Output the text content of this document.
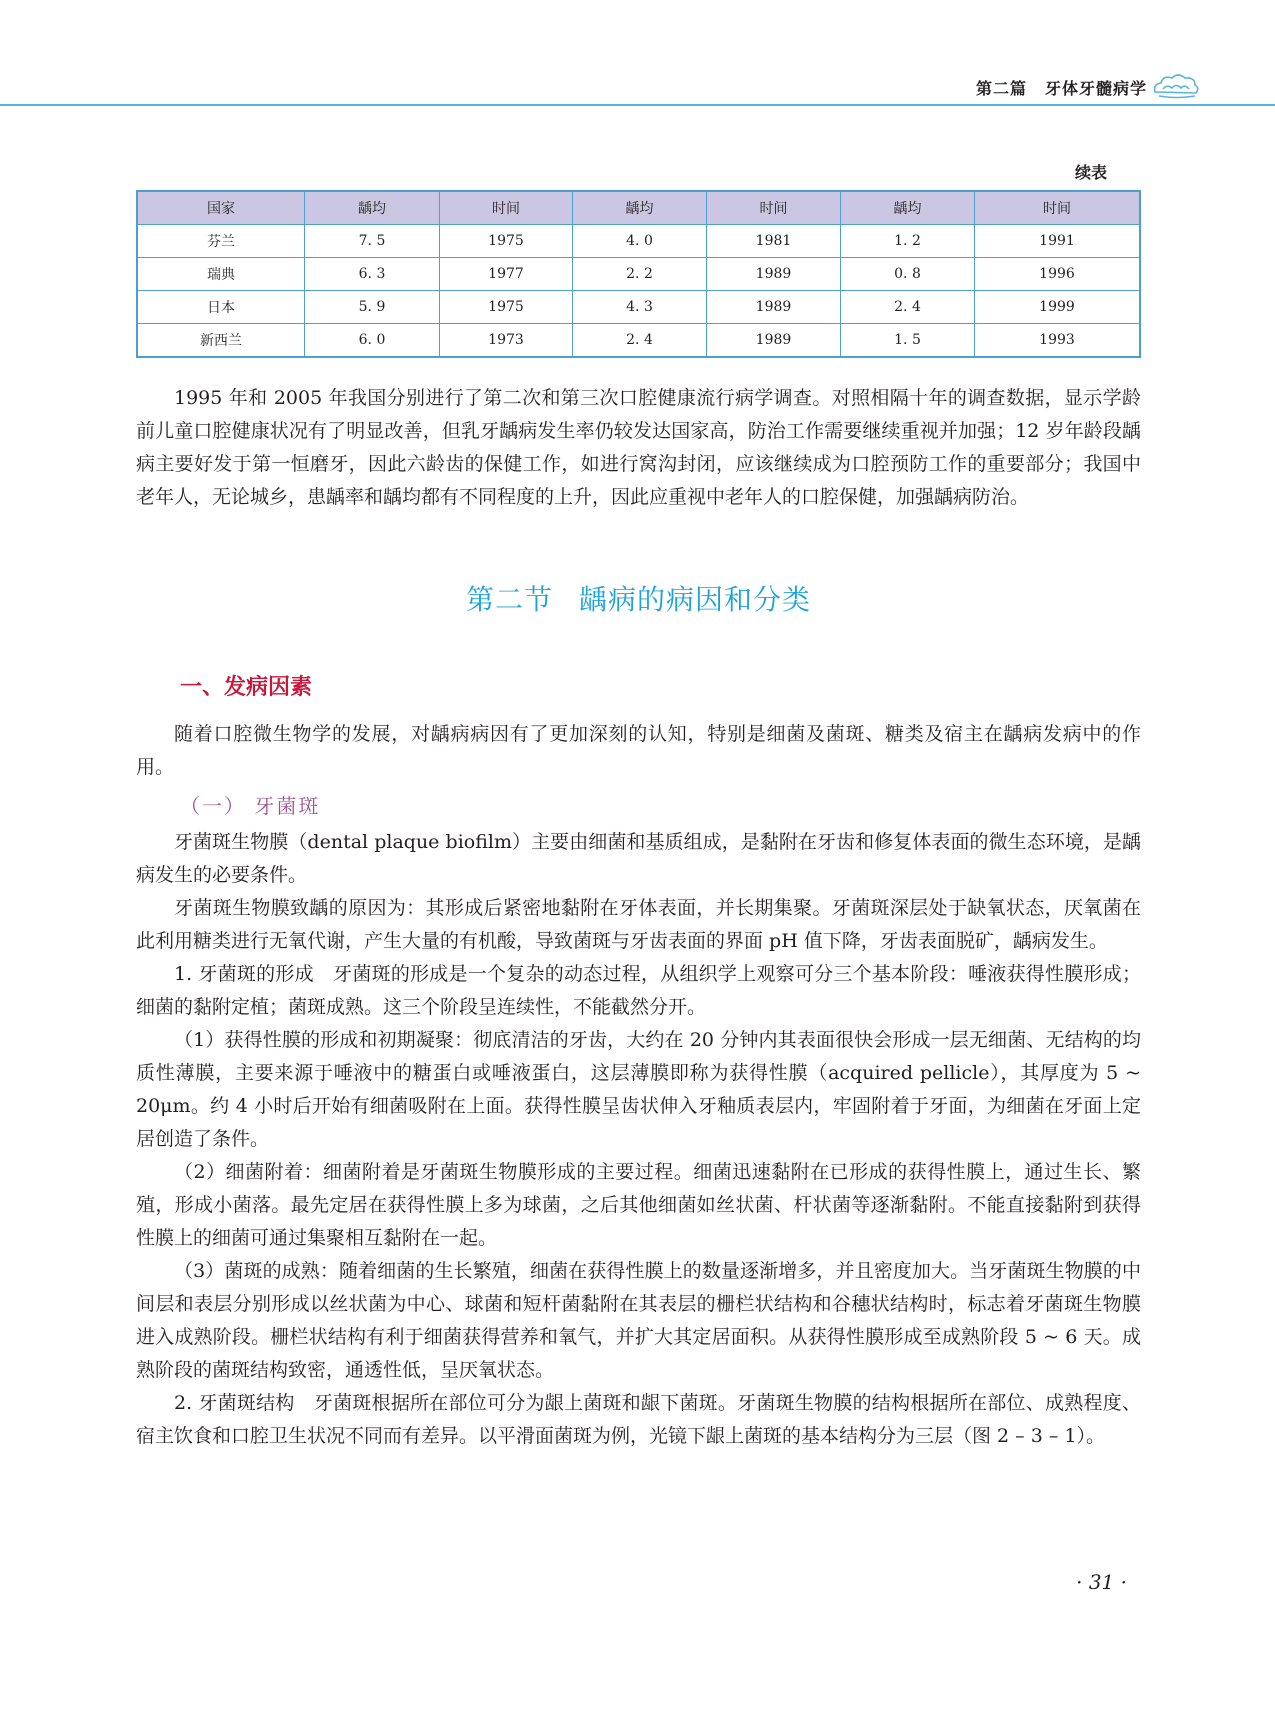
第二篇 牙体牙髓病学
续表
国家	龋均	时间	龋均	时间	龋均	时间
芬兰	7. 5	1975	4. 0	1981	1. 2	1991
瑞典	6. 3	1977	2. 2	1989	0. 8	1996
日本	5. 9	1975	4. 3	1989	2. 4	1999
新西兰	6. 0	1973	2. 4	1989	1. 5	1993

1995 年和 2005 年我国分别进行了第二次和第三次口腔健康流行病学调查。对照相隔十年的调查数据，显示学龄前儿童口腔健康状况有了明显改善，但乳牙龋病发生率仍较发达国家高，防治工作需要继续重视并加强；12 岁年龄段龋病主要好发于第一恒磨牙，因此六龄齿的保健工作，如进行窝沟封闭，应该继续成为口腔预防工作的重要部分；我国中老年人，无论城乡，患龋率和龋均都有不同程度的上升，因此应重视中老年人的口腔保健，加强龋病防治。

第二节 龋病的病因和分类
一、发病因素

随着口腔微生物学的发展，对龋病病因有了更加深刻的认知，特别是细菌及菌斑、糖类及宿主在龋病发病中的作用。

（一） 牙菌斑

牙菌斑生物膜（dental plaque biofilm）主要由细菌和基质组成，是黏附在牙齿和修复体表面的微生态环境，是龋病发生的必要条件。

牙菌斑生物膜致龋的原因为：其形成后紧密地黏附在牙体表面，并长期集聚。牙菌斑深层处于缺氧状态，厌氧菌在此利用糖类进行无氧代谢，产生大量的有机酸，导致菌斑与牙齿表面的界面 pH 值下降，牙齿表面脱矿，龋病发生。

1. 牙菌斑的形成　牙菌斑的形成是一个复杂的动态过程，从组织学上观察可分三个基本阶段：唾液获得性膜形成；细菌的黏附定植；菌斑成熟。这三个阶段呈连续性，不能截然分开。

（1）获得性膜的形成和初期凝聚：彻底清洁的牙齿，大约在 20 分钟内其表面很快会形成一层无细菌、无结构的均质性薄膜，主要来源于唾液中的糖蛋白或唾液蛋白，这层薄膜即称为获得性膜（acquired pellicle），其厚度为 5 ~ 20μm。约 4 小时后开始有细菌吸附在上面。获得性膜呈齿状伸入牙釉质表层内，牢固附着于牙面，为细菌在牙面上定居创造了条件。

（2）细菌附着：细菌附着是牙菌斑生物膜形成的主要过程。细菌迅速黏附在已形成的获得性膜上，通过生长、繁殖，形成小菌落。最先定居在获得性膜上多为球菌，之后其他细菌如丝状菌、杆状菌等逐渐黏附。不能直接黏附到获得性膜上的细菌可通过集聚相互黏附在一起。

（3）菌斑的成熟：随着细菌的生长繁殖，细菌在获得性膜上的数量逐渐增多，并且密度加大。当牙菌斑生物膜的中间层和表层分别形成以丝状菌为中心、球菌和短杆菌黏附在其表层的栅栏状结构和谷穗状结构时，标志着牙菌斑生物膜进入成熟阶段。栅栏状结构有利于细菌获得营养和氧气，并扩大其定居面积。从获得性膜形成至成熟阶段 5 ~ 6 天。成熟阶段的菌斑结构致密，通透性低，呈厌氧状态。

2. 牙菌斑结构　牙菌斑根据所在部位可分为龈上菌斑和龈下菌斑。牙菌斑生物膜的结构根据所在部位、成熟程度、宿主饮食和口腔卫生状况不同而有差异。以平滑面菌斑为例，光镜下龈上菌斑的基本结构分为三层（图 2 – 3 – 1）。

· 31 ·
